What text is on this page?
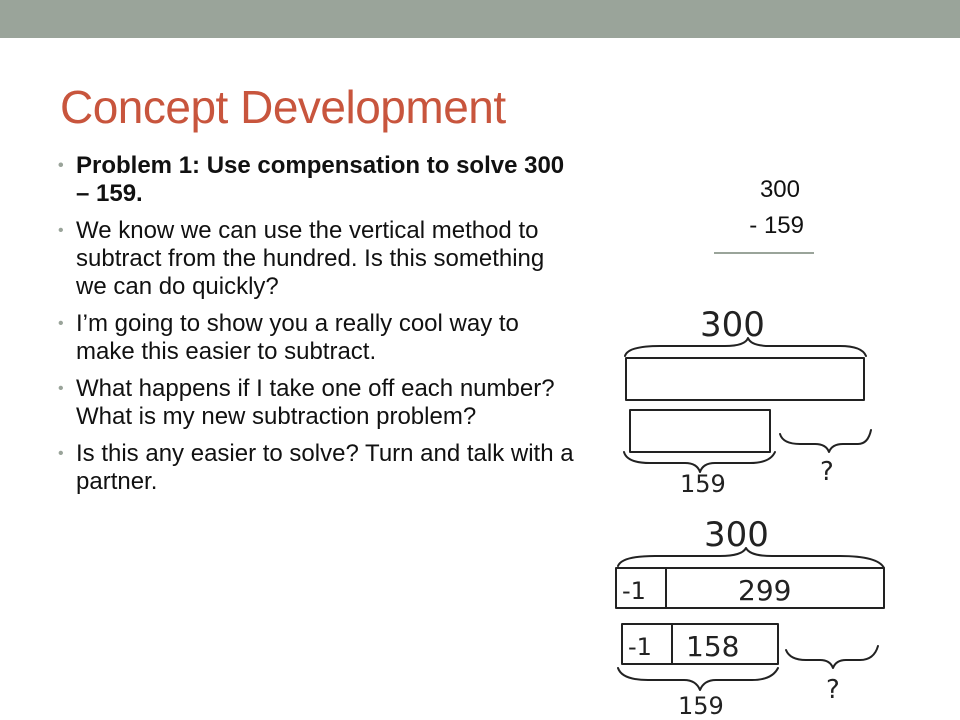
Concept Development
• Problem 1: Use compensation to solve 300 – 159.
• We know we can use the vertical method to subtract from the hundred. Is this something we can do quickly?
• I’m going to show you a really cool way to make this easier to subtract.
• What happens if I take one off each number? What is my new subtraction problem?
• Is this any easier to solve? Turn and talk with a partner.
300
- 159
300
159	?
300
-1	299
-1 158
159
?
